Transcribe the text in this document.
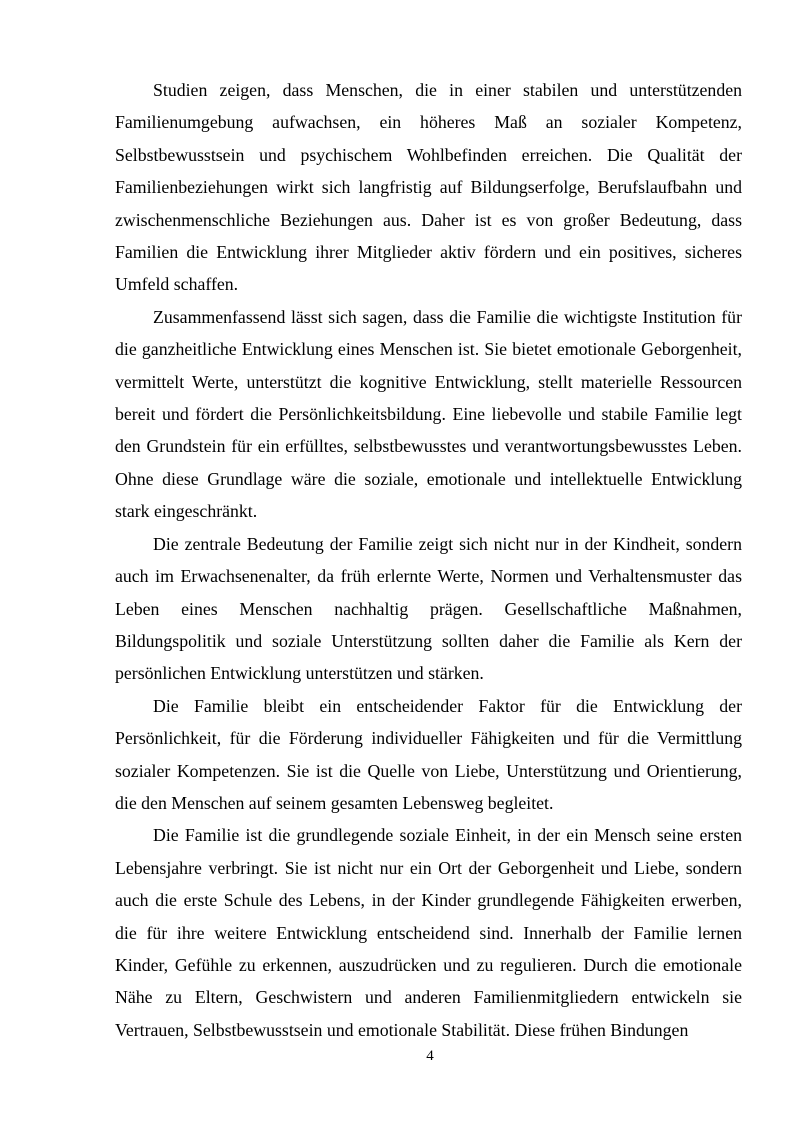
Studien zeigen, dass Menschen, die in einer stabilen und unterstützenden Familienumgebung aufwachsen, ein höheres Maß an sozialer Kompetenz, Selbstbewusstsein und psychischem Wohlbefinden erreichen. Die Qualität der Familienbeziehungen wirkt sich langfristig auf Bildungserfolge, Berufslaufbahn und zwischenmenschliche Beziehungen aus. Daher ist es von großer Bedeutung, dass Familien die Entwicklung ihrer Mitglieder aktiv fördern und ein positives, sicheres Umfeld schaffen.

Zusammenfassend lässt sich sagen, dass die Familie die wichtigste Institution für die ganzheitliche Entwicklung eines Menschen ist. Sie bietet emotionale Geborgenheit, vermittelt Werte, unterstützt die kognitive Entwicklung, stellt materielle Ressourcen bereit und fördert die Persönlichkeitsbildung. Eine liebevolle und stabile Familie legt den Grundstein für ein erfülltes, selbstbewusstes und verantwortungsbewusstes Leben. Ohne diese Grundlage wäre die soziale, emotionale und intellektuelle Entwicklung stark eingeschränkt.

Die zentrale Bedeutung der Familie zeigt sich nicht nur in der Kindheit, sondern auch im Erwachsenenalter, da früh erlernte Werte, Normen und Verhaltensmuster das Leben eines Menschen nachhaltig prägen. Gesellschaftliche Maßnahmen, Bildungspolitik und soziale Unterstützung sollten daher die Familie als Kern der persönlichen Entwicklung unterstützen und stärken.

Die Familie bleibt ein entscheidender Faktor für die Entwicklung der Persönlichkeit, für die Förderung individueller Fähigkeiten und für die Vermittlung sozialer Kompetenzen. Sie ist die Quelle von Liebe, Unterstützung und Orientierung, die den Menschen auf seinem gesamten Lebensweg begleitet.

Die Familie ist die grundlegende soziale Einheit, in der ein Mensch seine ersten Lebensjahre verbringt. Sie ist nicht nur ein Ort der Geborgenheit und Liebe, sondern auch die erste Schule des Lebens, in der Kinder grundlegende Fähigkeiten erwerben, die für ihre weitere Entwicklung entscheidend sind. Innerhalb der Familie lernen Kinder, Gefühle zu erkennen, auszudrücken und zu regulieren. Durch die emotionale Nähe zu Eltern, Geschwistern und anderen Familienmitgliedern entwickeln sie Vertrauen, Selbstbewusstsein und emotionale Stabilität. Diese frühen Bindungen

4
